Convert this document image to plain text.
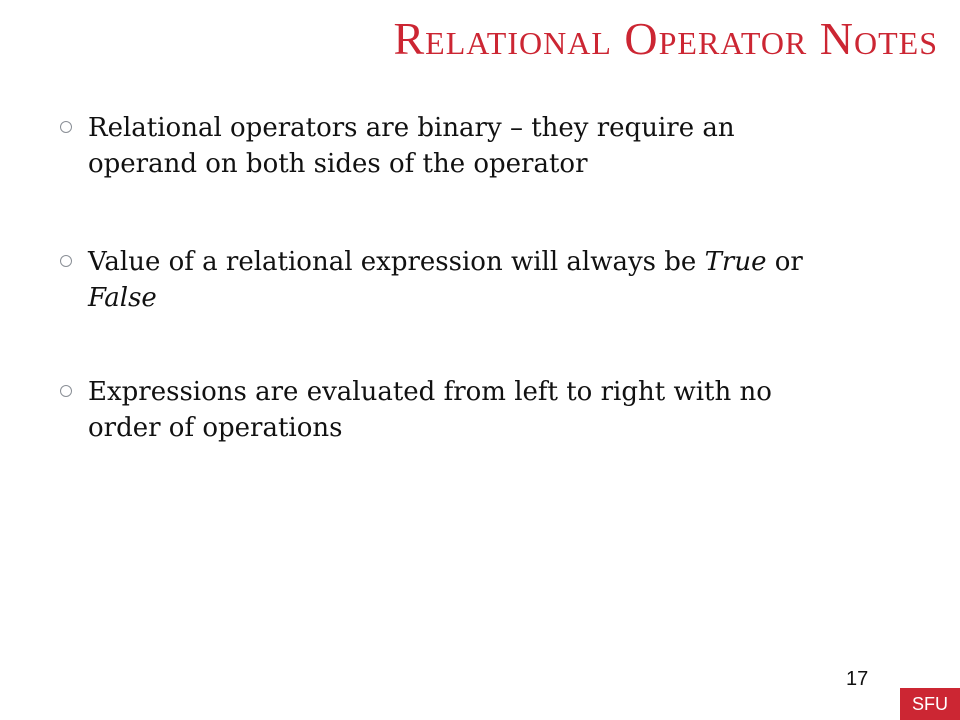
Relational Operator Notes
Relational operators are binary – they require an operand on both sides of the operator
Value of a relational expression will always be True or False
Expressions are evaluated from left to right with no order of operations
17
SFU
